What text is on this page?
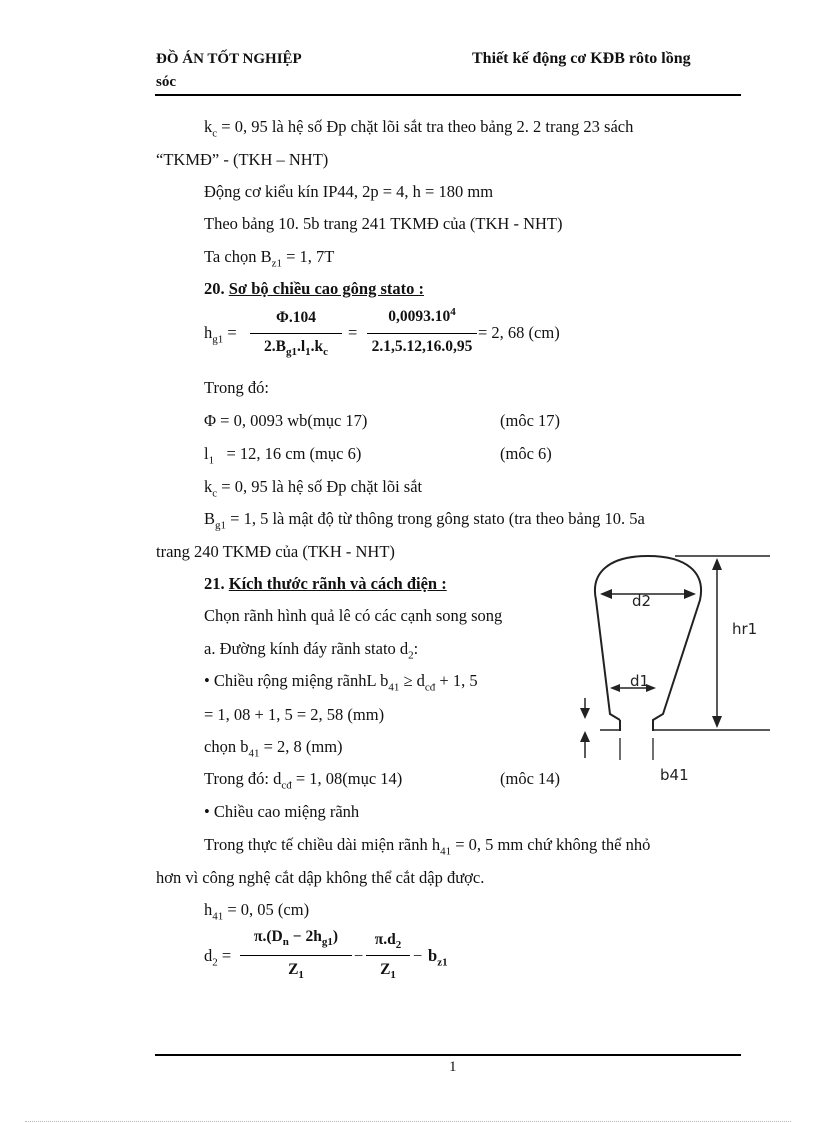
ĐỒ ÁN TỐT NGHIỆP
sóc
Thiết kế động cơ KĐB rôto lồng
$k_c = 0$, 95 là hệ số Đp chặt lõi sắt tra theo bảng 2. 2 trang 23 sách
“TKMĐ” - (TKH – NHT)
Động cơ kiểu kín IP44, 2p = 4, h = 180 mm
Theo bảng 10. 5b trang 241 TKMĐ của (TKH - NHT)
Ta chọn $B_{z1} = 1$, 7T
20. Sơ bộ chiều cao gông stato :
$h_{g1}$ =
Φ.104
$2.B_{g1}.l_1.k_c$
=
$0,0093.10^4$
2.1,5.12,16.0,95
= 2, 68 (cm)
Trong đó:
Φ = 0, 0093 wb(mục 17)	(môc 17)
$l_1 = 12$, 16 cm (mục 6)	(môc 6)
$k_c = 0$, 95 là hệ số Đp chặt lõi sắt
$B_{g1} = 1$, 5 là mật độ từ thông trong gông stato (tra theo bảng 10. 5a
trang 240 TKMĐ của (TKH - NHT)
21. Kích thước rãnh và cách điện :
Chọn rãnh hình quả lê có các cạnh song song
a. Đường kính đáy rãnh stato $d_2$:
• Chiều rộng miệng rãnhL $b_{41} \ge d_{cđ} + 1$, 5
= 1, 08 + 1, 5 = 2, 58 (mm)
chọn $b_{41} = 2$, 8 (mm)
Trong đó: $d_{cđ} = 1$, 08(mục 14)	(môc 14)
• Chiều cao miệng rãnh
Trong thực tế chiều dài miện rãnh $h_{41} = 0$, 5 mm chứ không thể nhỏ
hơn vì công nghệ cắt dập không thể cắt dập được.
$h_{41} = 0$, 05 (cm)
$d_2$ =
$\pi.(D_n - 2h_{g1})$
$Z_1$
−
$\pi.d_2$
$Z_1$
− $b_{z1}$
d2
d1
hr1
b41
1
